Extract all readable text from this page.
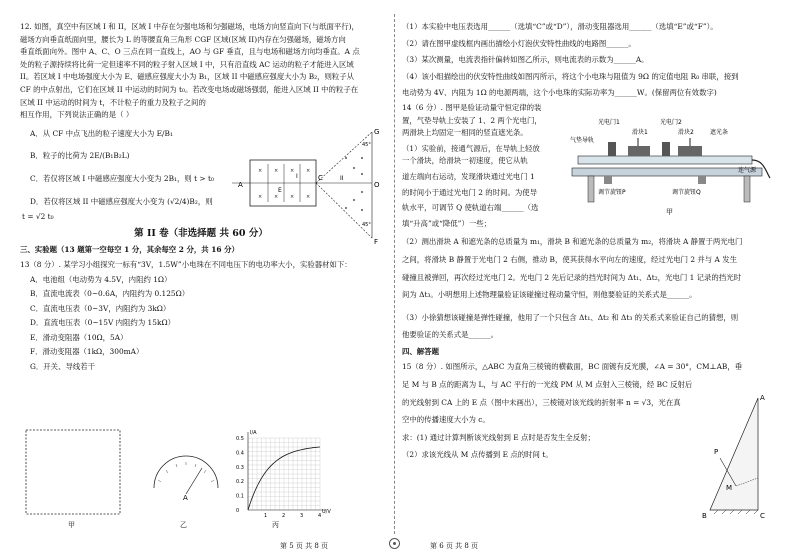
12. 如图，真空中有区域 I 和 II，区域 I 中存在匀强电场和匀强磁场，电场方向竖直向下(与纸面平行)，

磁场方向垂直纸面向里，腰长为 L 的等腰直角三角形 CGF 区域(区域 II)内存在匀强磁场，磁场方向

垂直纸面向外。图中 A、C、O 三点在同一直线上，AO 与 GF 垂直，且与电场和磁场方向均垂直。A 点

处的粒子源持续将比荷一定但速率不同的粒子射入区域 I 中，只有沿直线 AC 运动的粒子才能进入区域

II。若区域 I 中电场强度大小为 E、磁感应强度大小为 B₁，区域 II 中磁感应强度大小为 B₂，则粒子从

CF 的中点射出，它们在区域 II 中运动的时间为 t₀。若改变电场或磁场强弱，能进入区域 II 中的粒子在

区域 II 中运动的时间为 t，不计粒子的重力及粒子之间的

相互作用，下列说法正确的是（ ）

A．从 CF 中点飞出的粒子速度大小为 E/B₁

B．粒子的比荷为 2E/(B₁B₂L)

C．若仅将区域 I 中磁感应强度大小变为 2B₁，则 t > t₀

D．若仅将区域 II 中磁感应强度大小变为 (√2/4)B₂，则

t = √2 t₀

第 II 卷（非选择题 共 60 分）

三、实验题（13 题第一空每空 1 分，其余每空 2 分，共 16 分）

13（8 分）. 某学习小组探究一标有“3V，1.5W”小电珠在不同电压下的电功率大小，实验器材如下：

A．电池组（电动势为 4.5V，内阻约 1Ω）

B．直流电流表（0~0.6A，内阻约为 0.125Ω）

C．直流电压表（0~3V，内阻约为 3kΩ）

D．直流电压表（0~15V 内阻约为 15kΩ）

E．滑动变阻器（10Ω，5A）

F．滑动变阻器（1kΩ，300mA）

G．开关、导线若干

× × × ×
× × × ×
A
C
O
G
F
I	II
E
45°
45°
甲
A
乙
0.5
0.4
0.3
0.2
0.1
0
1	2	3	4
I/A
U/V
丙

（1）本实验中电压表选用______（选填“C”或“D”），滑动变阻器选用______（选填“E”或“F”）。

（2）请在图甲虚线框内画出描绘小灯泡伏安特性曲线的电路图______。

（3）某次测量，电流表指针偏转如图乙所示，则电流表的示数为______A。

（4）该小组描绘出的伏安特性曲线如图丙所示，将这个小电珠与阻值为 9Ω 的定值电阻 R₀ 串联，接到

电动势为 4V、内阻为 1Ω 的电源两端，这个小电珠的实际功率为______W。(保留两位有效数字)

14（6 分）. 图甲是验证动量守恒定律的装

置，气垫导轨上安装了 1、2 两个光电门，

两滑块上均固定一相同的竖直遮光条。

（1）实验前，接通气源后，在导轨上轻放

一个滑块，给滑块一初速度，使它从轨

道左端向右运动，发现滑块通过光电门 1

的时间小于通过光电门 2 的时间。为使导

轨水平，可调节 Q 使轨道右端______（选

填“升高”或“降低”）一些；

（2）测出滑块 A 和遮光条的总质量为 m₁，滑块 B 和遮光条的总质量为 m₂，将滑块 A 静置于两光电门

之间，将滑块 B 静置于光电门 2 右侧，推动 B，使其获得水平向左的速度，经过光电门 2 并与 A 发生

碰撞且被弹回，再次经过光电门 2。光电门 2 先后记录的挡光时间为 Δt₁、Δt₂，光电门 1 记录的挡光时

间为 Δt₃。小明想用上述物理量验证该碰撞过程动量守恒，则他要验证的关系式是______。

（3）小徐猜想该碰撞是弹性碰撞，他用了一个只包含 Δt₁、Δt₂ 和 Δt₃ 的关系式来验证自己的猜想，则

他要验证的关系式是______。

四、解答题

15（8 分）. 如图所示，△ABC 为直角三棱镜的横截面，BC 面镀有反光膜，∠A = 30°，CM⊥AB，垂

足 M 与 B 点的距离为 L，与 AC 平行的一光线 PM 从 M 点射入三棱镜，经 BC 反射后

的光线射到 CA 上的 E 点（图中未画出），三棱镜对该光线的折射率 n = √3，光在真

空中的传播速度大小为 c。

求：(1) 通过计算判断该光线射到 E 点时是否发生全反射；

（2）求该光线从 M 点传播到 E 点的时间 t。

气垫导轨
光电门1
滑块1
光电门2
滑块2	遮光条
调节旋钮P	调节旋钮Q
连气源
甲
A
P
M
B	C
第 5 页 共 8 页	第 6 页 共 8 页
